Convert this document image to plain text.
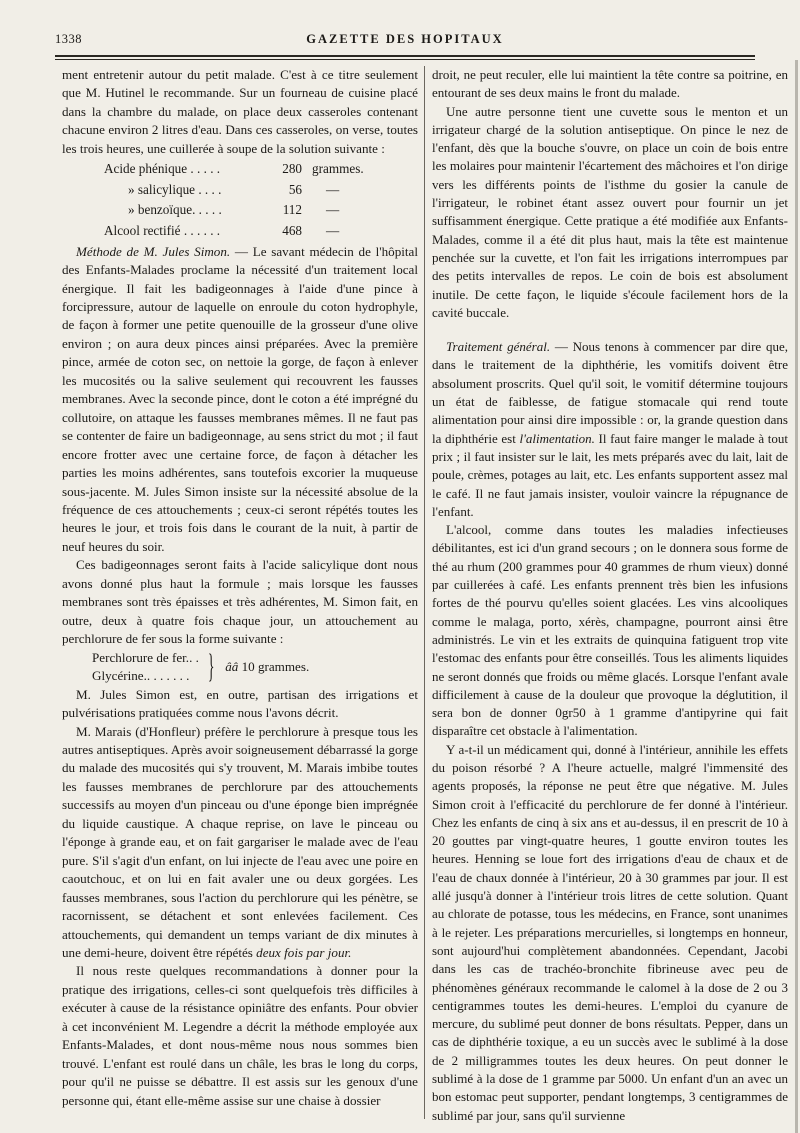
1338	GAZETTE DES HOPITAUX

ment entretenir autour du petit malade. C'est à ce titre seulement que M. Hutinel le recommande. Sur un fourneau de cuisine placé dans la chambre du malade, on place deux casseroles contenant chacune environ 2 litres d'eau. Dans ces casseroles, on verse, toutes les trois heures, une cuillerée à soupe de la solution suivante :

Acide phénique . . . . .	280	grammes.
» salicylique . . . .	56	—
» benzoïque. . . . .	112	—
Alcool rectifié . . . . . .	468	—

Méthode de M. Jules Simon. — Le savant médecin de l'hôpital des Enfants-Malades proclame la nécessité d'un traitement local énergique. Il fait les badigeonnages à l'aide d'une pince à forcipressure, autour de laquelle on enroule du coton hydrophyle, de façon à former une petite quenouille de la grosseur d'une olive environ ; on aura deux pinces ainsi préparées. Avec la première pince, armée de coton sec, on nettoie la gorge, de façon à enlever les mucosités ou la salive seulement qui recouvrent les fausses membranes. Avec la seconde pince, dont le coton a été imprégné du collutoire, on attaque les fausses membranes mêmes. Il ne faut pas se contenter de faire un badigeonnage, au sens strict du mot ; il faut encore frotter avec une certaine force, de façon à détacher les parties les moins adhérentes, sans toutefois excorier la muqueuse sous-jacente. M. Jules Simon insiste sur la nécessité absolue de la fréquence de ces attouchements ; ceux-ci seront répétés toutes les heures le jour, et trois fois dans le courant de la nuit, à partir de neuf heures du soir.

Ces badigeonnages seront faits à l'acide salicylique dont nous avons donné plus haut la formule ; mais lorsque les fausses membranes sont très épaisses et très adhérentes, M. Simon fait, en outre, deux à quatre fois chaque jour, un attouchement au perchlorure de fer sous la forme suivante :

Perchlorure de fer.. .
Glycérine.. . . . . . . } ââ
10 grammes.

M. Jules Simon est, en outre, partisan des irrigations et pulvérisations pratiquées comme nous l'avons décrit.

M. Marais (d'Honfleur) préfère le perchlorure à presque tous les autres antiseptiques. Après avoir soigneusement débarrassé la gorge du malade des mucosités qui s'y trouvent, M. Marais imbibe toutes les fausses membranes de perchlorure par des attouchements successifs au moyen d'un pinceau ou d'une éponge bien imprégnée du liquide caustique. A chaque reprise, on lave le pinceau ou l'éponge à grande eau, et on fait gargariser le malade avec de l'eau pure. S'il s'agit d'un enfant, on lui injecte de l'eau avec une poire en caoutchouc, et on lui en fait avaler une ou deux gorgées. Les fausses membranes, sous l'action du perchlorure qui les pénètre, se racornissent, se détachent et sont enlevées facilement. Ces attouchements, qui demandent un temps variant de dix minutes à une demi-heure, doivent être répétés deux fois par jour.

Il nous reste quelques recommandations à donner pour la pratique des irrigations, celles-ci sont quelquefois très difficiles à exécuter à cause de la résistance opiniâtre des enfants. Pour obvier à cet inconvénient M. Legendre a décrit la méthode employée aux Enfants-Malades, et dont nous-même nous nous sommes bien trouvé. L'enfant est roulé dans un châle, les bras le long du corps, pour qu'il ne puisse se débattre. Il est assis sur les genoux d'une personne qui, étant elle-même assise sur une chaise à dossier

droit, ne peut reculer, elle lui maintient la tête contre sa poitrine, en entourant de ses deux mains le front du malade.

Une autre personne tient une cuvette sous le menton et un irrigateur chargé de la solution antiseptique. On pince le nez de l'enfant, dès que la bouche s'ouvre, on place un coin de bois entre les molaires pour maintenir l'écartement des mâchoires et l'on dirige vers les différents points de l'isthme du gosier la canule de l'irrigateur, le robinet étant assez ouvert pour fournir un jet suffisamment énergique. Cette pratique a été modifiée aux Enfants-Malades, comme il a été dit plus haut, mais la tête est maintenue penchée sur la cuvette, et l'on fait les irrigations interrompues par des petits intervalles de repos. Le coin de bois est absolument inutile. De cette façon, le liquide s'écoule facilement hors de la cavité buccale.

Traitement général. — Nous tenons à commencer par dire que, dans le traitement de la diphthérie, les vomitifs doivent être absolument proscrits. Quel qu'il soit, le vomitif détermine toujours un état de faiblesse, de fatigue stomacale qui rend toute alimentation pour ainsi dire impossible : or, la grande question dans la diphthérie est l'alimentation. Il faut faire manger le malade à tout prix ; il faut insister sur le lait, les mets préparés avec du lait, lait de poule, crèmes, potages au lait, etc. Les enfants supportent assez mal le café. Il ne faut jamais insister, vouloir vaincre la répugnance de l'enfant.

L'alcool, comme dans toutes les maladies infectieuses débilitantes, est ici d'un grand secours ; on le donnera sous forme de thé au rhum (200 grammes pour 40 grammes de rhum vieux) donné par cuillerées à café. Les enfants prennent très bien les infusions fortes de thé pourvu qu'elles soient glacées. Les vins alcooliques comme le malaga, porto, xérès, champagne, pourront ainsi être administrés. Le vin et les extraits de quinquina fatiguent trop vite l'estomac des enfants pour être conseillés. Tous les aliments liquides ne seront donnés que froids ou même glacés. Lorsque l'enfant avale difficilement à cause de la douleur que provoque la déglutition, il sera bon de donner 0gr50 à 1 gramme d'antipyrine qui fait disparaître cet obstacle à l'alimentation.

Y a-t-il un médicament qui, donné à l'intérieur, annihile les effets du poison résorbé ? A l'heure actuelle, malgré l'immensité des agents proposés, la réponse ne peut être que négative. M. Jules Simon croit à l'efficacité du perchlorure de fer donné à l'intérieur. Chez les enfants de cinq à six ans et au-dessus, il en prescrit de 10 à 20 gouttes par vingt-quatre heures, 1 goutte environ toutes les heures. Henning se loue fort des irrigations d'eau de chaux et de l'eau de chaux donnée à l'intérieur, 20 à 30 grammes par jour. Il est allé jusqu'à donner à l'intérieur trois litres de cette solution. Quant au chlorate de potasse, tous les médecins, en France, sont unanimes à le rejeter. Les préparations mercurielles, si longtemps en honneur, sont aujourd'hui complètement abandonnées. Cependant, Jacobi dans les cas de trachéo-bronchite fibrineuse avec peu de phénomènes généraux recommande le calomel à la dose de 2 ou 3 centigrammes toutes les demi-heures. L'emploi du cyanure de mercure, du sublimé peut donner de bons résultats. Pepper, dans un cas de diphthérie toxique, a eu un succès avec le sublimé à la dose de 2 milligrammes toutes les deux heures. On peut donner le sublimé à la dose de 1 gramme par 5000. Un enfant d'un an avec un bon estomac peut supporter, pendant longtemps, 3 centigrammes de sublimé par jour, sans qu'il survienne
